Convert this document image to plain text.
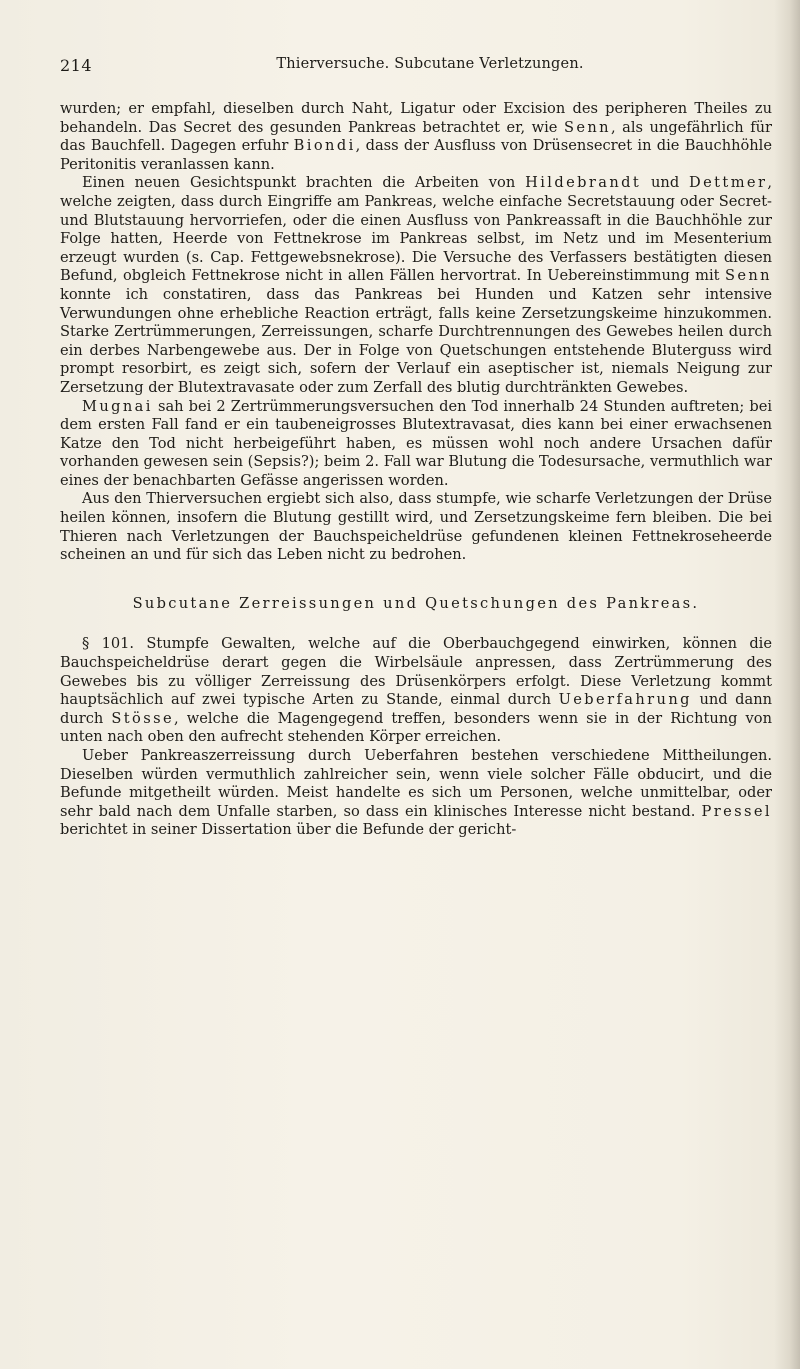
214	Thierversuche. Subcutane Verletzungen.

wurden; er empfahl, dieselben durch Naht, Ligatur oder Excision des peripheren Theiles zu behandeln. Das Secret des gesunden Pankreas betrachtet er, wie Senn, als ungefährlich für das Bauchfell. Dagegen erfuhr Biondi, dass der Ausfluss von Drüsensecret in die Bauchhöhle Peritonitis veranlassen kann.

Einen neuen Gesichtspunkt brachten die Arbeiten von Hildebrandt und Dettmer, welche zeigten, dass durch Eingriffe am Pankreas, welche einfache Secretstauung oder Secret- und Blutstauung hervorriefen, oder die einen Ausfluss von Pankreassaft in die Bauchhöhle zur Folge hatten, Heerde von Fettnekrose im Pankreas selbst, im Netz und im Mesenterium erzeugt wurden (s. Cap. Fettgewebsnekrose). Die Versuche des Verfassers bestätigten diesen Befund, obgleich Fettnekrose nicht in allen Fällen hervortrat. In Uebereinstimmung mit Senn konnte ich constatiren, dass das Pankreas bei Hunden und Katzen sehr intensive Verwundungen ohne erhebliche Reaction erträgt, falls keine Zersetzungskeime hinzukommen. Starke Zertrümmerungen, Zerreissungen, scharfe Durchtrennungen des Gewebes heilen durch ein derbes Narbengewebe aus. Der in Folge von Quetschungen entstehende Bluterguss wird prompt resorbirt, es zeigt sich, sofern der Verlauf ein aseptischer ist, niemals Neigung zur Zersetzung der Blutextravasate oder zum Zerfall des blutig durchtränkten Gewebes.

Mugnai sah bei 2 Zertrümmerungsversuchen den Tod innerhalb 24 Stunden auftreten; bei dem ersten Fall fand er ein taubeneigrosses Blutextravasat, dies kann bei einer erwachsenen Katze den Tod nicht herbeigeführt haben, es müssen wohl noch andere Ursachen dafür vorhanden gewesen sein (Sepsis?); beim 2. Fall war Blutung die Todesursache, vermuthlich war eines der benachbarten Gefässe angerissen worden.

Aus den Thierversuchen ergiebt sich also, dass stumpfe, wie scharfe Verletzungen der Drüse heilen können, insofern die Blutung gestillt wird, und Zersetzungskeime fern bleiben. Die bei Thieren nach Verletzungen der Bauchspeicheldrüse gefundenen kleinen Fettnekroseheerde scheinen an und für sich das Leben nicht zu bedrohen.

Subcutane Zerreissungen und Quetschungen des Pankreas.

§ 101. Stumpfe Gewalten, welche auf die Oberbauchgegend einwirken, können die Bauchspeicheldrüse derart gegen die Wirbelsäule anpressen, dass Zertrümmerung des Gewebes bis zu völliger Zerreissung des Drüsenkörpers erfolgt. Diese Verletzung kommt hauptsächlich auf zwei typische Arten zu Stande, einmal durch Ueberfahrung und dann durch Stösse, welche die Magengegend treffen, besonders wenn sie in der Richtung von unten nach oben den aufrecht stehenden Körper erreichen.

Ueber Pankreaszerreissung durch Ueberfahren bestehen verschiedene Mittheilungen. Dieselben würden vermuthlich zahlreicher sein, wenn viele solcher Fälle obducirt, und die Befunde mitgetheilt würden. Meist handelte es sich um Personen, welche unmittelbar, oder sehr bald nach dem Unfalle starben, so dass ein klinisches Interesse nicht bestand. Pressel berichtet in seiner Dissertation über die Befunde der gericht-
